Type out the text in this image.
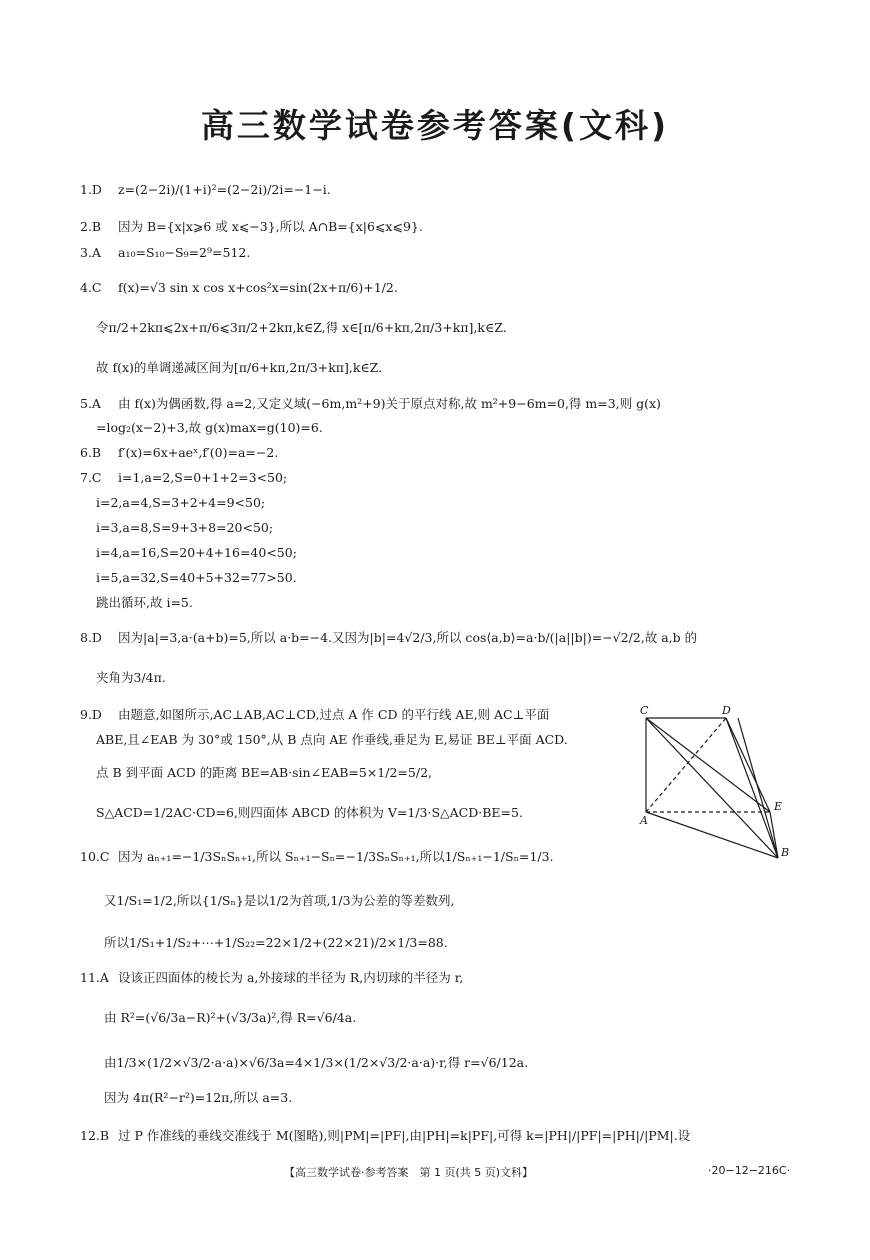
高三数学试卷参考答案(文科)
1.D z=(2−2i)/(1+i)²=(2−2i)/2i=−1−i.
2.B 因为 B={x|x⩾6 或 x⩽−3},所以 A∩B={x|6⩽x⩽9}.
3.A a₁₀=S₁₀−S₉=2⁹=512.
4.C f(x)=√3 sin x cos x+cos²x=sin(2x+π/6)+1/2.
令π/2+2kπ⩽2x+π/6⩽3π/2+2kπ,k∈Z,得 x∈[π/6+kπ,2π/3+kπ],k∈Z.
故 f(x)的单调递减区间为[π/6+kπ,2π/3+kπ],k∈Z.
5.A 由 f(x)为偶函数,得 a=2,又定义域(−6m,m²+9)关于原点对称,故 m²+9−6m=0,得 m=3,则 g(x)
=log₂(x−2)+3,故 g(x)max=g(10)=6.
6.B f′(x)=6x+aeˣ,f′(0)=a=−2.
7.C i=1,a=2,S=0+1+2=3<50;
i=2,a=4,S=3+2+4=9<50;
i=3,a=8,S=9+3+8=20<50;
i=4,a=16,S=20+4+16=40<50;
i=5,a=32,S=40+5+32=77>50.
跳出循环,故 i=5.
8.D 因为|a|=3,a·(a+b)=5,所以 a·b=−4.又因为|b|=4√2/3,所以 cos⟨a,b⟩=a·b/(|a||b|)=−√2/2,故 a,b 的
夹角为3/4π.
9.D 由题意,如图所示,AC⊥AB,AC⊥CD,过点 A 作 CD 的平行线 AE,则 AC⊥平面
ABE,且∠EAB 为 30°或 150°,从 B 点向 AE 作垂线,垂足为 E,易证 BE⊥平面 ACD.
点 B 到平面 ACD 的距离 BE=AB·sin∠EAB=5×1/2=5/2,
S△ACD=1/2AC·CD=6,则四面体 ABCD 的体积为 V=1/3·S△ACD·BE=5.
10.C 因为 aₙ₊₁=−1/3SₙSₙ₊₁,所以 Sₙ₊₁−Sₙ=−1/3SₙSₙ₊₁,所以1/Sₙ₊₁−1/Sₙ=1/3.
又1/S₁=1/2,所以{1/Sₙ}是以1/2为首项,1/3为公差的等差数列,
所以1/S₁+1/S₂+⋯+1/S₂₂=22×1/2+(22×21)/2×1/3=88.
11.A 设该正四面体的棱长为 a,外接球的半径为 R,内切球的半径为 r,
由 R²=(√6/3a−R)²+(√3/3a)²,得 R=√6/4a.
由1/3×(1/2×√3/2·a·a)×√6/3a=4×1/3×(1/2×√3/2·a·a)·r,得 r=√6/12a.
因为 4π(R²−r²)=12π,所以 a=3.
12.B 过 P 作准线的垂线交准线于 M(图略),则|PM|=|PF|,由|PH|=k|PF|,可得 k=|PH|/|PF|=|PH|/|PM|.设
C	D
E
A
B
【高三数学试卷·参考答案　第 1 页(共 5 页)文科】	·20−12−216C·
